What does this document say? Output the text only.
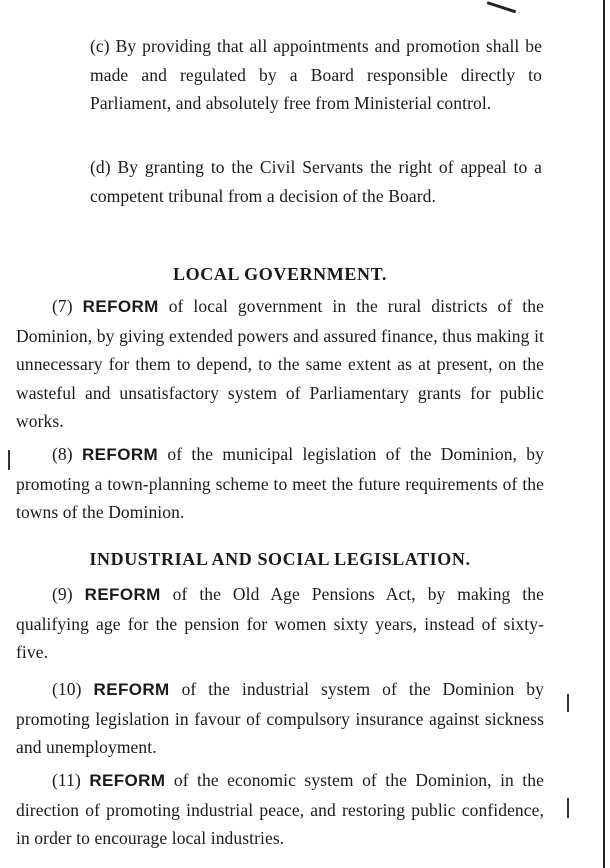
(c) By providing that all appointments and promotion shall be made and regulated by a Board responsible directly to Parliament, and absolutely free from Ministerial control.

(d) By granting to the Civil Servants the right of appeal to a competent tribunal from a decision of the Board.

LOCAL GOVERNMENT.

(7) REFORM of local government in the rural districts of the Dominion, by giving extended powers and assured finance, thus making it unnecessary for them to depend, to the same extent as at present, on the wasteful and unsatisfactory system of Parliamentary grants for public works.

(8) REFORM of the municipal legislation of the Dominion, by promoting a town-planning scheme to meet the future requirements of the towns of the Dominion.

INDUSTRIAL AND SOCIAL LEGISLATION.

(9) REFORM of the Old Age Pensions Act, by making the qualifying age for the pension for women sixty years, instead of sixty-five.

(10) REFORM of the industrial system of the Dominion by promoting legislation in favour of compulsory insurance against sickness and unemployment.

(11) REFORM of the economic system of the Dominion, in the direction of promoting industrial peace, and restoring public confidence, in order to encourage local industries.
